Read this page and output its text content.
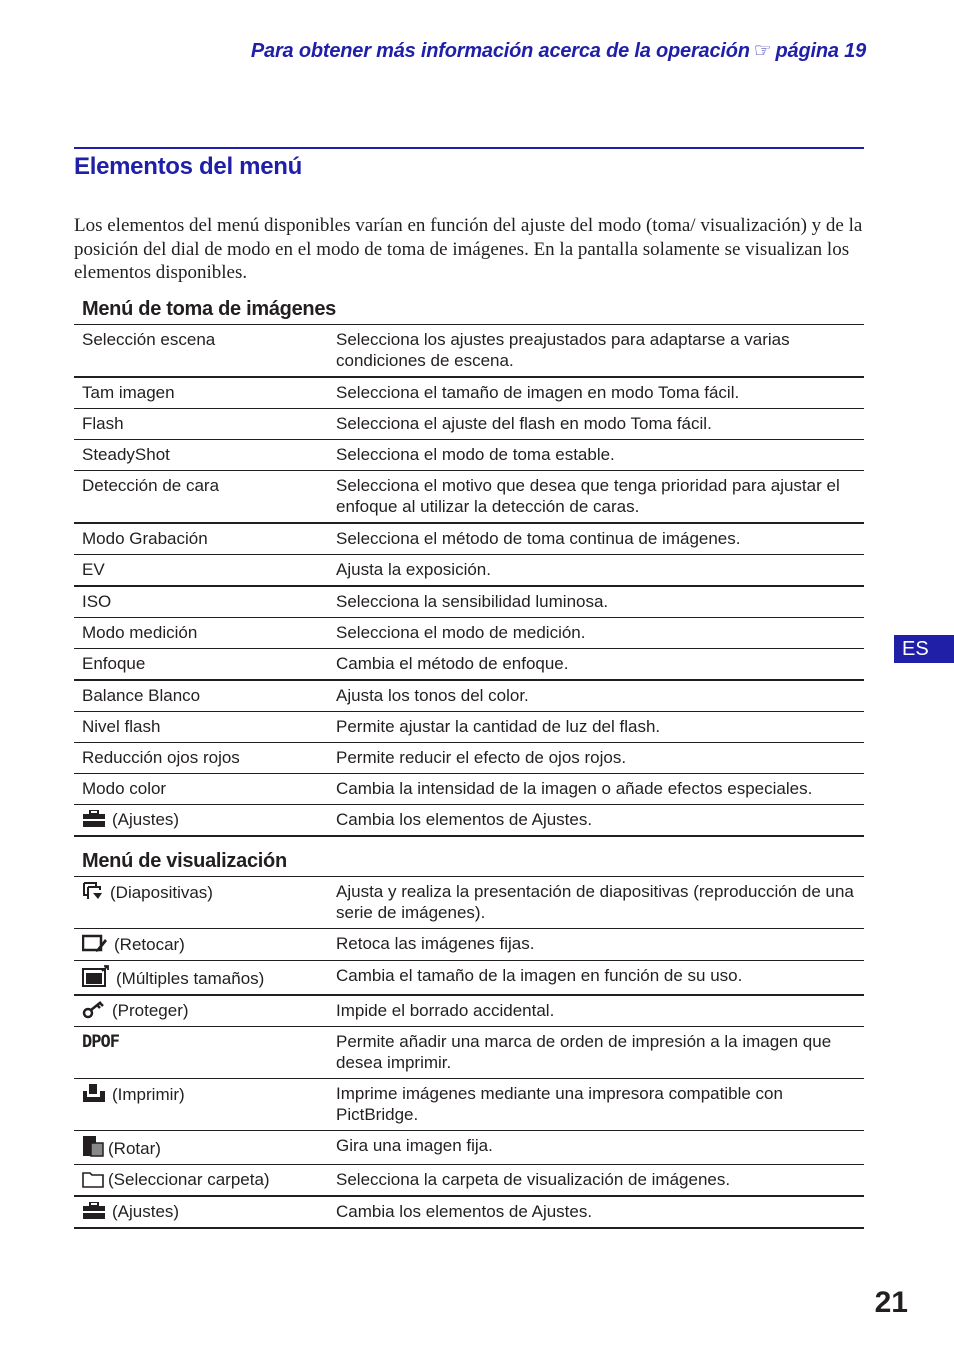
Para obtener más información acerca de la operación ☞ página 19
Elementos del menú

Los elementos del menú disponibles varían en función del ajuste del modo (toma/ visualización) y de la posición del dial de modo en el modo de toma de imágenes. En la pantalla solamente se visualizan los elementos disponibles.

Menú de toma de imágenes
Selección escena	Selecciona los ajustes preajustados para adaptarse a varias condiciones de escena.
Tam imagen	Selecciona el tamaño de imagen en modo Toma fácil.
Flash	Selecciona el ajuste del flash en modo Toma fácil.
SteadyShot	Selecciona el modo de toma estable.
Detección de cara	Selecciona el motivo que desea que tenga prioridad para ajustar el enfoque al utilizar la detección de caras.
Modo Grabación	Selecciona el método de toma continua de imágenes.
EV	Ajusta la exposición.
ISO	Selecciona la sensibilidad luminosa.
Modo medición	Selecciona el modo de medición.
Enfoque	Cambia el método de enfoque.
Balance Blanco	Ajusta los tonos del color.
Nivel flash	Permite ajustar la cantidad de luz del flash.
Reducción ojos rojos	Permite reducir el efecto de ojos rojos.
Modo color	Cambia la intensidad de la imagen o añade efectos especiales.

(Ajustes)	Cambia los elementos de Ajustes.
Menú de visualización
(Diapositivas)	Ajusta y realiza la presentación de diapositivas (reproducción de una serie de imágenes).

(Retocar)	Retoca las imágenes fijas.

(Múltiples tamaños)	Cambia el tamaño de la imagen en función de su uso.

(Proteger)	Impide el borrado accidental.
DPOF	Permite añadir una marca de orden de impresión a la imagen que desea imprimir.

(Imprimir)	Imprime imágenes mediante una impresora compatible con PictBridge.

(Rotar)	Gira una imagen fija.

(Seleccionar carpeta)	Selecciona la carpeta de visualización de imágenes.

(Ajustes)	Cambia los elementos de Ajustes.
ES
21
